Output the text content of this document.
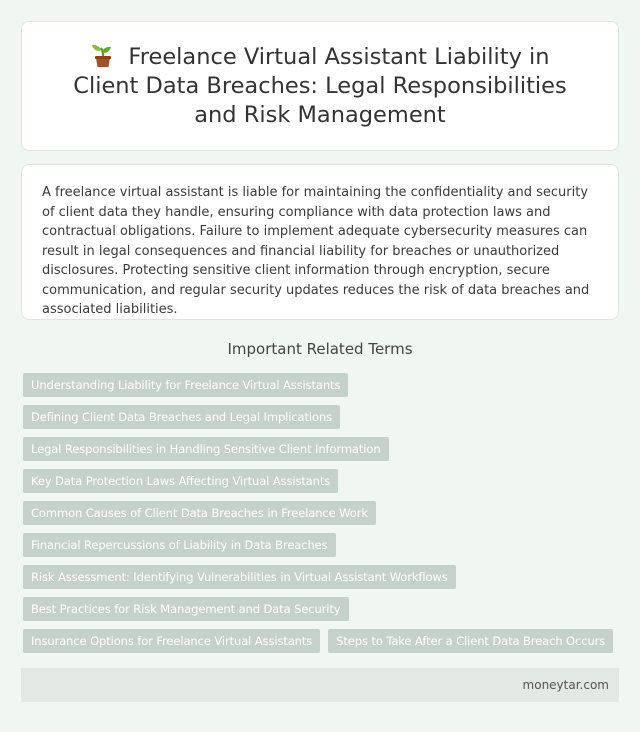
Freelance Virtual Assistant Liability in Client Data Breaches: Legal Responsibilities and Risk Management

A freelance virtual assistant is liable for maintaining the confidentiality and security of client data they handle, ensuring compliance with data protection laws and contractual obligations. Failure to implement adequate cybersecurity measures can result in legal consequences and financial liability for breaches or unauthorized disclosures. Protecting sensitive client information through encryption, secure communication, and regular security updates reduces the risk of data breaches and associated liabilities.

Important Related Terms
Understanding Liability for Freelance Virtual Assistants
Defining Client Data Breaches and Legal Implications
Legal Responsibilities in Handling Sensitive Client Information
Key Data Protection Laws Affecting Virtual Assistants
Common Causes of Client Data Breaches in Freelance Work
Financial Repercussions of Liability in Data Breaches
Risk Assessment: Identifying Vulnerabilities in Virtual Assistant Workflows
Best Practices for Risk Management and Data Security
Insurance Options for Freelance Virtual Assistants	Steps to Take After a Client Data Breach Occurs
moneytar.com
